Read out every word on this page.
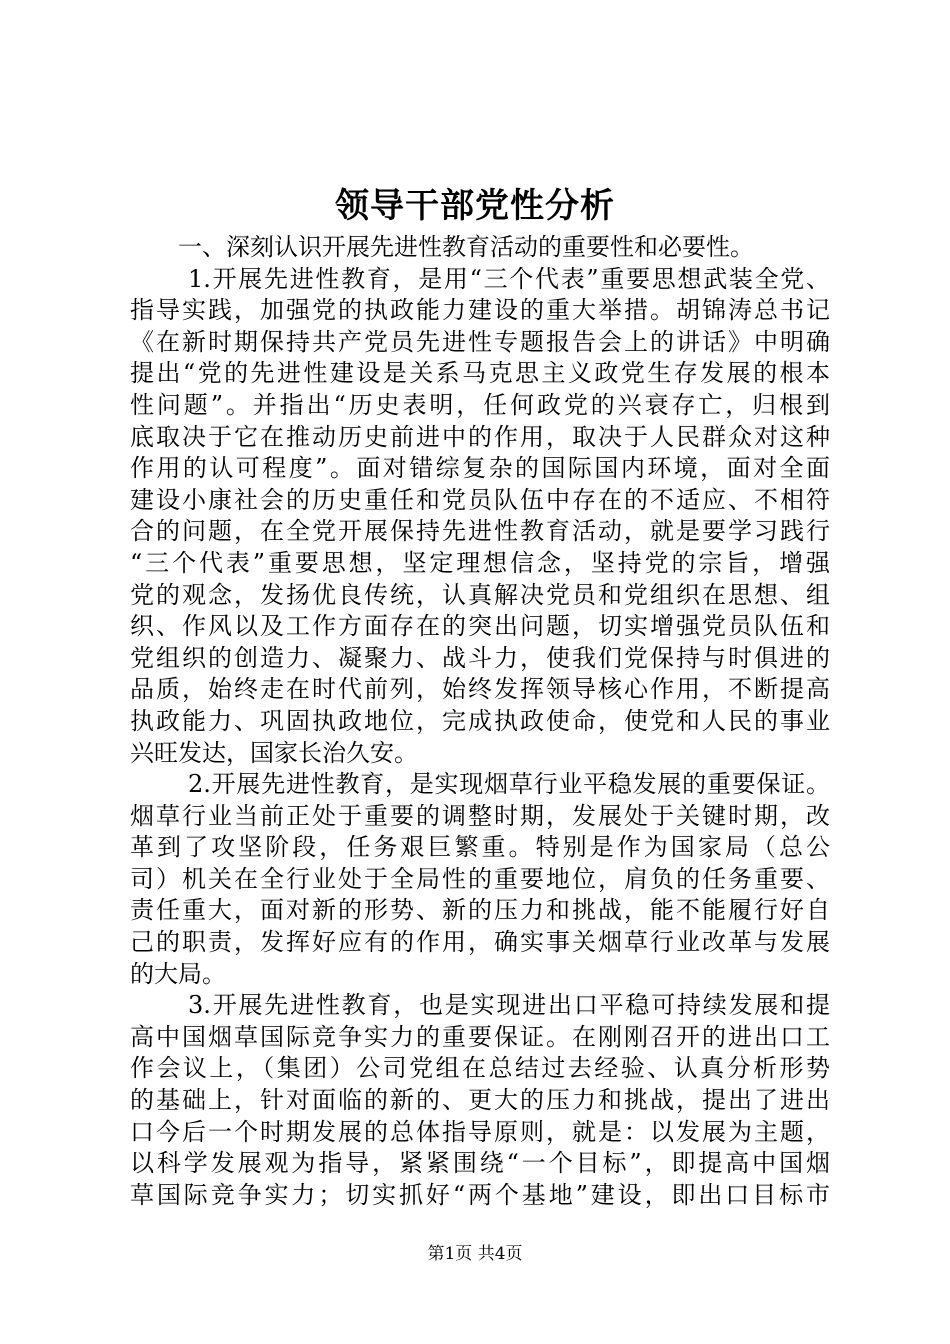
领导干部党性分析
一、深刻认识开展先进性教育活动的重要性和必要性。
1.开展先进性教育，是用“三个代表”重要思想武装全党、
指导实践，加强党的执政能力建设的重大举措。胡锦涛总书记
《在新时期保持共产党员先进性专题报告会上的讲话》中明确
提出“党的先进性建设是关系马克思主义政党生存发展的根本
性问题”。并指出“历史表明，任何政党的兴衰存亡，归根到
底取决于它在推动历史前进中的作用，取决于人民群众对这种
作用的认可程度”。面对错综复杂的国际国内环境，面对全面
建设小康社会的历史重任和党员队伍中存在的不适应、不相符
合的问题，在全党开展保持先进性教育活动，就是要学习践行
“三个代表”重要思想，坚定理想信念，坚持党的宗旨，增强
党的观念，发扬优良传统，认真解决党员和党组织在思想、组
织、作风以及工作方面存在的突出问题，切实增强党员队伍和
党组织的创造力、凝聚力、战斗力，使我们党保持与时俱进的
品质，始终走在时代前列，始终发挥领导核心作用，不断提高
执政能力、巩固执政地位，完成执政使命，使党和人民的事业
兴旺发达，国家长治久安。
2.开展先进性教育，是实现烟草行业平稳发展的重要保证。
烟草行业当前正处于重要的调整时期，发展处于关键时期，改
革到了攻坚阶段，任务艰巨繁重。特别是作为国家局（总公
司）机关在全行业处于全局性的重要地位，肩负的任务重要、
责任重大，面对新的形势、新的压力和挑战，能不能履行好自
己的职责，发挥好应有的作用，确实事关烟草行业改革与发展
的大局。
3.开展先进性教育，也是实现进出口平稳可持续发展和提
高中国烟草国际竞争实力的重要保证。在刚刚召开的进出口工
作会议上，（集团）公司党组在总结过去经验、认真分析形势
的基础上，针对面临的新的、更大的压力和挑战，提出了进出
口今后一个时期发展的总体指导原则，就是：以发展为主题，
以科学发展观为指导，紧紧围绕“一个目标”，即提高中国烟
草国际竞争实力；切实抓好“两个基地”建设，即出口目标市
第1页 共4页
